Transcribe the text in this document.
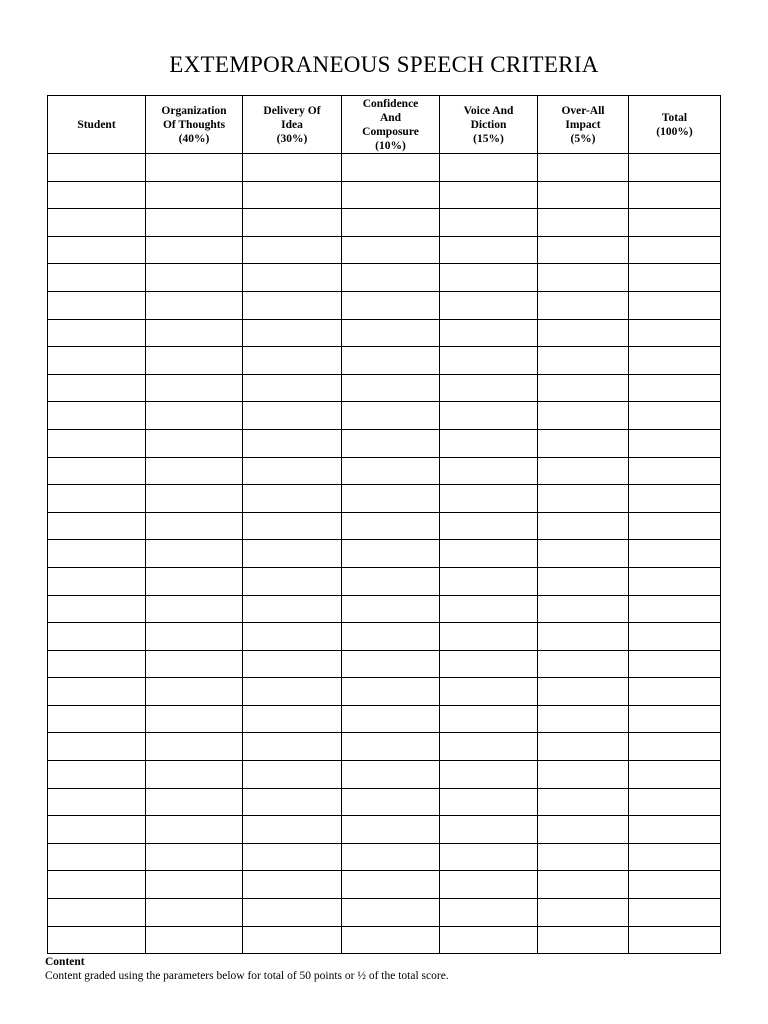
EXTEMPORANEOUS SPEECH CRITERIA
Student	Organization
Of Thoughts
(40%)	Delivery Of
Idea
(30%)	Confidence
And
Composure
(10%)	Voice And
Diction
(15%)	Over-All
Impact
(5%)	Total
(100%)

Content
Content graded using the parameters below for total of 50 points or ½ of the total score.
